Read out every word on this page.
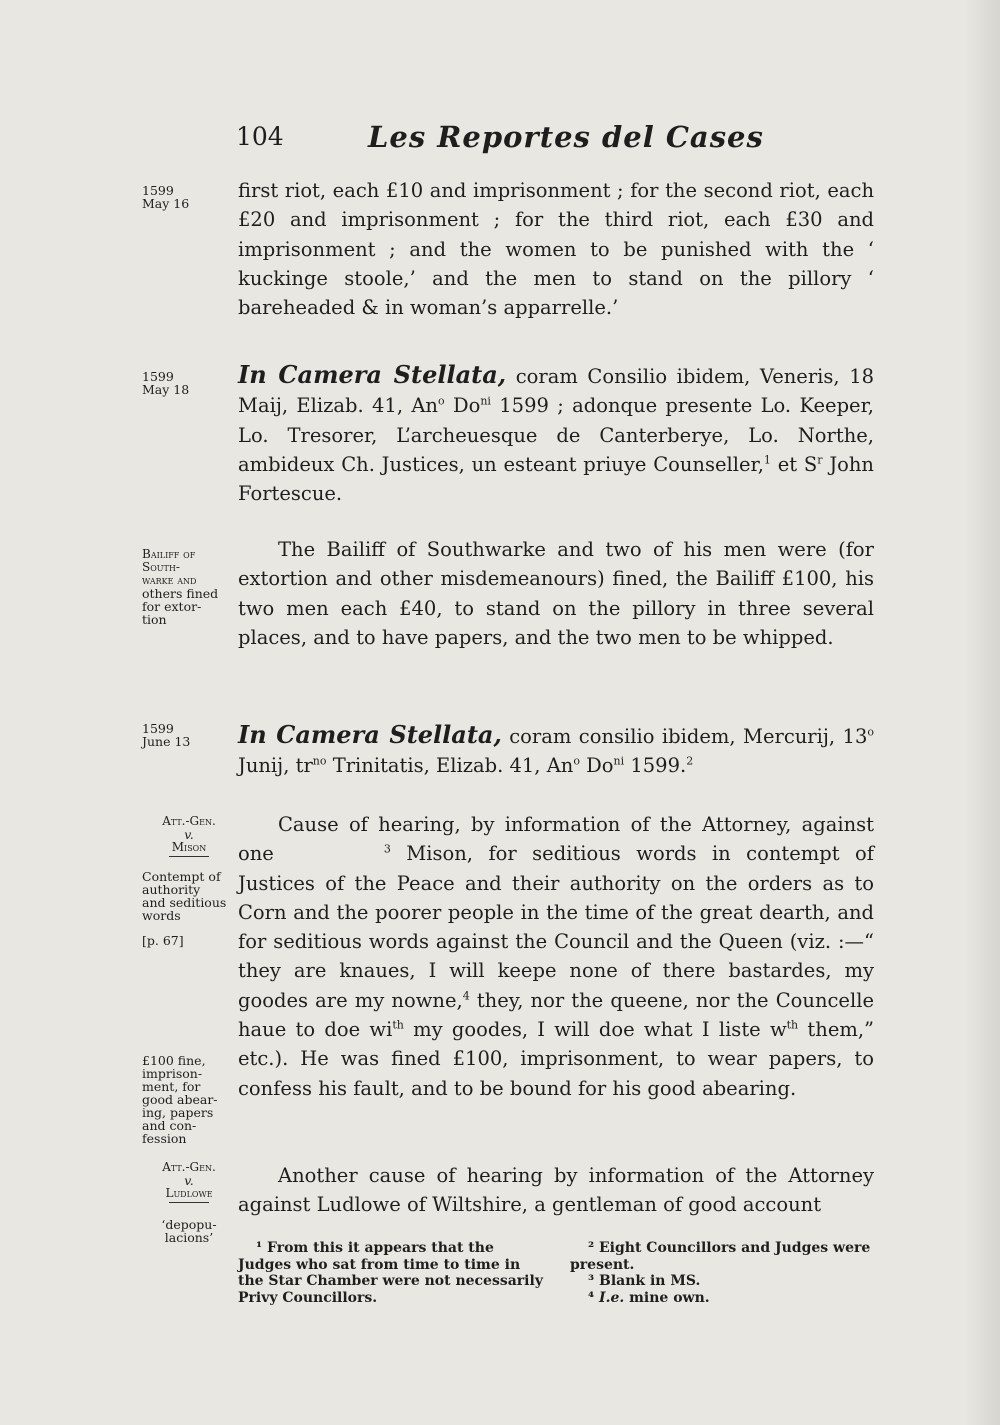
104	Les Reportes del Cases
1599
May 16
1599
May 18
Bailiff of
South-
warke and
others fined
for extor-
tion
1599
June 13
Att.-Gen.
v.
Mison
Contempt of
authority
and seditious
words
[p. 67]
£100 fine,
imprison-
ment, for
good abear-
ing, papers
and con-
fession
Att.-Gen.
v.
Ludlowe
‘depopu-
lacions’

first riot, each £10 and imprisonment ; for the second riot, each £20 and imprisonment ; for the third riot, each £30 and imprisonment ; and the women to be punished with the ‘ kuckinge stoole,’ and the men to stand on the pillory ‘ bareheaded & in woman’s apparrelle.’

In Camera Stellata, coram Consilio ibidem, Veneris, 18 Maij, Elizab. 41, An$^o$ $Do^{ni}$ 1599 ; adonque presente Lo. Keeper, Lo. Tresorer, L’archeuesque de Canterberye, Lo. Northe, ambideux Ch. Justices, un esteant priuye Counseller,$^1$ et $S^r$ John Fortescue.

The Bailiff of Southwarke and two of his men were (for extortion and other misdemeanours) fined, the Bailiff £100, his two men each £40, to stand on the pillory in three several places, and to have papers, and the two men to be whipped.

In Camera Stellata, coram consilio ibidem, Mercurij, 13$^o$ Junij, $tr^{no}$ Trinitatis, Elizab. 41, An$^o$ $Do^{ni}$ 1599.$^2$

Cause of hearing, by information of the Attorney, against one	$^3$ Mison, for seditious words in contempt of Justices of the Peace and their authority on the orders as to Corn and the poorer people in the time of the great dearth, and for seditious words against the Council and the Queen (viz. :—“ they are knaues, I will keepe none of there bastardes, my goodes are my nowne,$^4$ they, nor the queene, nor the Councelle haue to doe $wi^{th}$ my goodes, I will doe what I liste $w^{th}$ them,” etc.). He was fined £100, imprisonment, to wear papers, to confess his fault, and to be bound for his good abearing.

Another cause of hearing by information of the Attorney against Ludlowe of Wiltshire, a gentleman of good account

¹ From this it appears that the Judges who sat from time to time in the Star Chamber were not necessarily Privy Councillors.

² Eight Councillors and Judges were present.

³ Blank in MS.

⁴ I.e. mine own.
